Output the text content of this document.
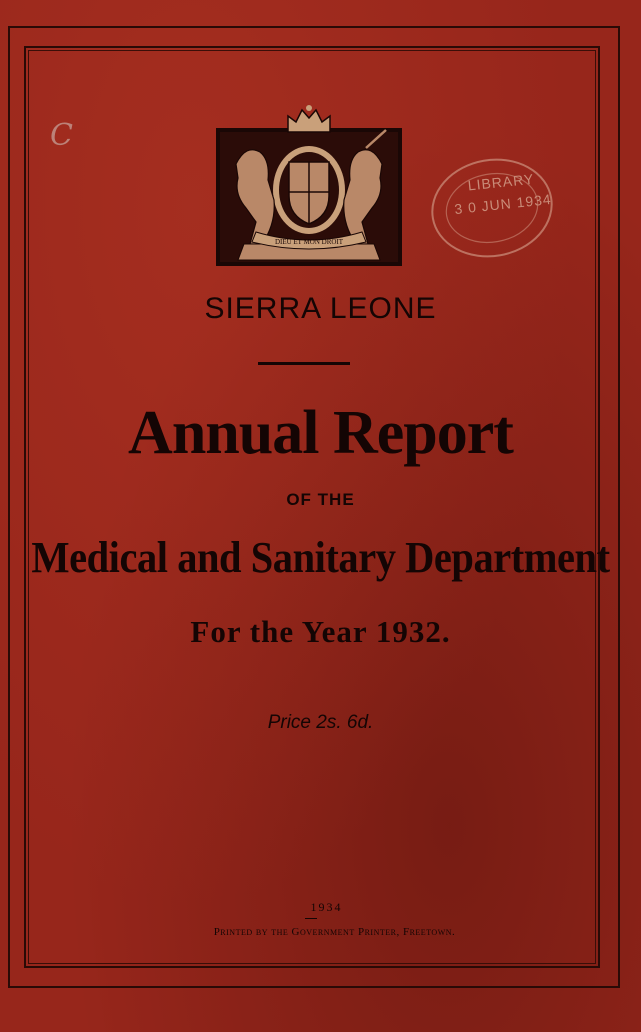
C
DIEU ET MON DROIT
LIBRARY
3 0 JUN 1934
SIERRA LEONE
Annual Report
OF THE
Medical and Sanitary Department
For the Year 1932.
Price 2s. 6d.
1934
Printed by the Government Printer, Freetown.
